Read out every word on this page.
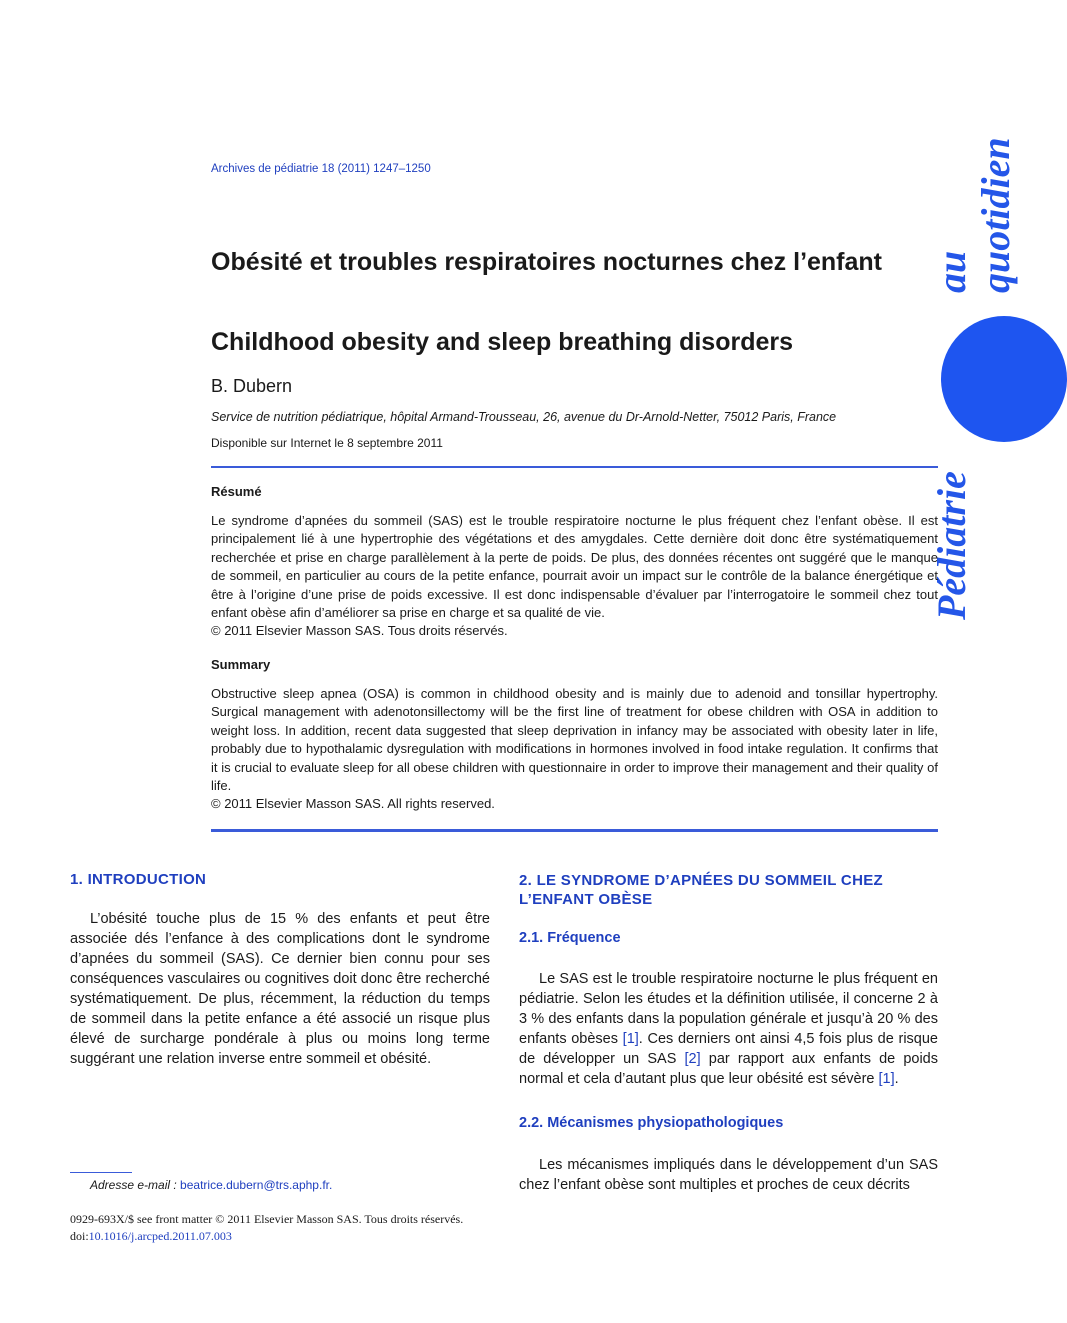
Archives de pédiatrie 18 (2011) 1247–1250
au quotidien
Pédiatrie
Obésité et troubles respiratoires nocturnes chez l’enfant
Childhood obesity and sleep breathing disorders
B. Dubern
Service de nutrition pédiatrique, hôpital Armand-Trousseau, 26, avenue du Dr-Arnold-Netter, 75012 Paris, France
Disponible sur Internet le 8 septembre 2011
Résumé
Le syndrome d’apnées du sommeil (SAS) est le trouble respiratoire nocturne le plus fréquent chez l’enfant obèse. Il est principalement lié à une hypertrophie des végétations et des amygdales. Cette dernière doit donc être systématiquement recherchée et prise en charge parallèlement à la perte de poids. De plus, des données récentes ont suggéré que le manque de sommeil, en particulier au cours de la petite enfance, pourrait avoir un impact sur le contrôle de la balance énergétique et être à l’origine d’une prise de poids excessive. Il est donc indispensable d’évaluer par l’interrogatoire le sommeil chez tout enfant obèse afin d’améliorer sa prise en charge et sa qualité de vie.
© 2011 Elsevier Masson SAS. Tous droits réservés.
Summary
Obstructive sleep apnea (OSA) is common in childhood obesity and is mainly due to adenoid and tonsillar hypertrophy. Surgical management with adenotonsillectomy will be the first line of treatment for obese children with OSA in addition to weight loss. In addition, recent data suggested that sleep deprivation in infancy may be associated with obesity later in life, probably due to hypothalamic dysregulation with modifications in hormones involved in food intake regulation. It confirms that it is crucial to evaluate sleep for all obese children with questionnaire in order to improve their management and their quality of life.
© 2011 Elsevier Masson SAS. All rights reserved.
1. INTRODUCTION
L’obésité touche plus de 15 % des enfants et peut être associée dés l’enfance à des complications dont le syndrome d’apnées du sommeil (SAS). Ce dernier bien connu pour ses conséquences vasculaires ou cognitives doit donc être recherché systématiquement. De plus, récemment, la réduction du temps de sommeil dans la petite enfance a été associé un risque plus élevé de surcharge pondérale à plus ou moins long terme suggérant une relation inverse entre sommeil et obésité.
2. LE SYNDROME D’APNÉES DU SOMMEIL CHEZ L’ENFANT OBÈSE
2.1. Fréquence
Le SAS est le trouble respiratoire nocturne le plus fréquent en pédiatrie. Selon les études et la définition utilisée, il concerne 2 à 3 % des enfants dans la population générale et jusqu’à 20 % des enfants obèses [1]. Ces derniers ont ainsi 4,5 fois plus de risque de développer un SAS [2] par rapport aux enfants de poids normal et cela d’autant plus que leur obésité est sévère [1].
2.2. Mécanismes physiopathologiques
Les mécanismes impliqués dans le développement d’un SAS chez l’enfant obèse sont multiples et proches de ceux décrits
Adresse e-mail : beatrice.dubern@trs.aphp.fr.
0929-693X/$ see front matter © 2011 Elsevier Masson SAS. Tous droits réservés.
doi:10.1016/j.arcped.2011.07.003
